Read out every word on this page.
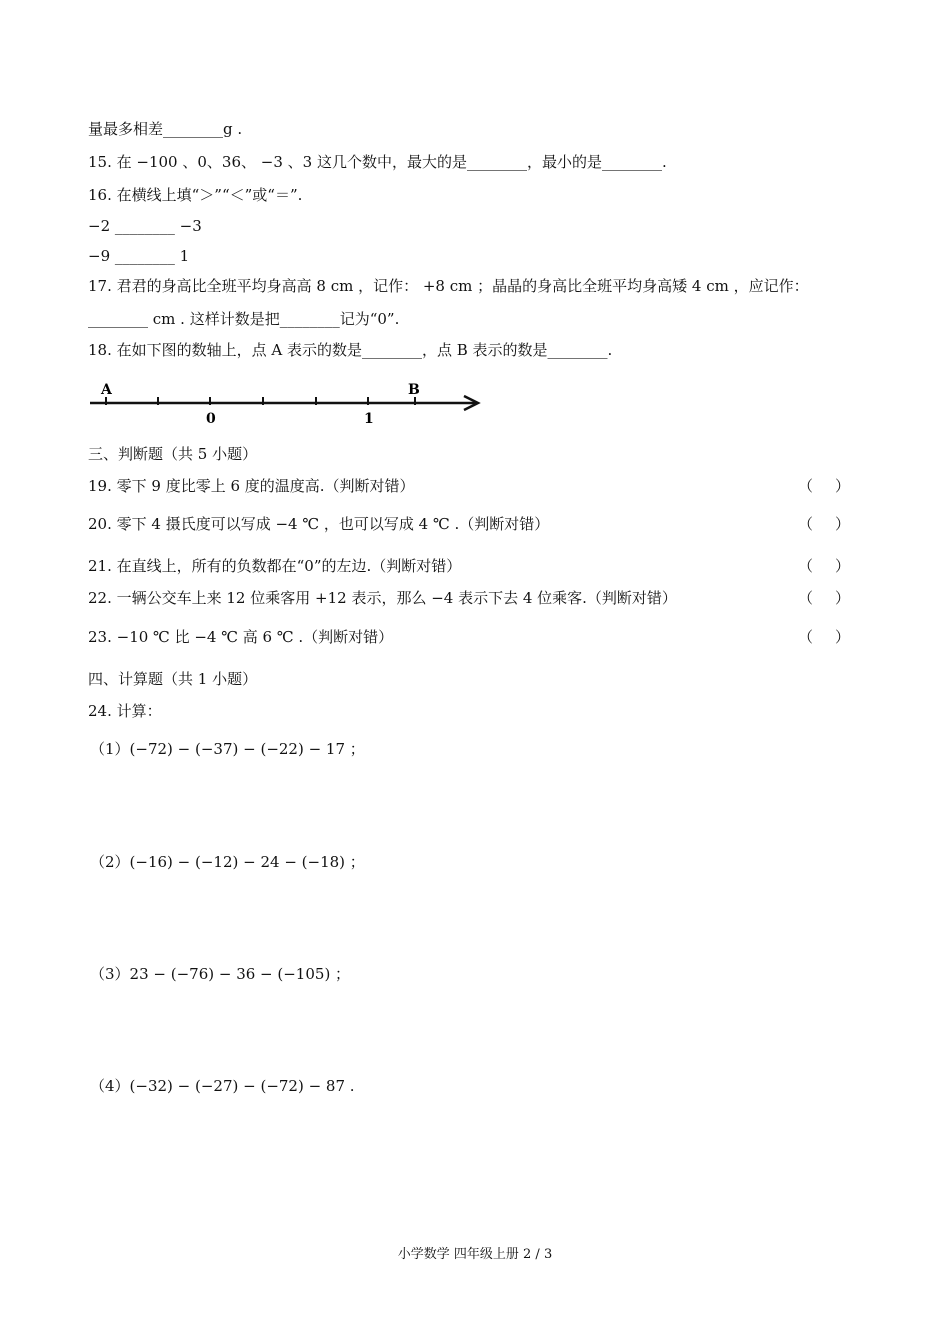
量最多相差________g .
15. 在 −100 、0、36、 −3 、3 这几个数中，最大的是________，最小的是________.
16. 在横线上填“＞”“＜”或“＝”.
−2 ________ −3
−9 ________ 1
17. 君君的身高比全班平均身高高 8 cm ，记作： +8 cm ；晶晶的身高比全班平均身高矮 4 cm ，应记作：
________ cm . 这样计数是把________记为“0”.
18. 在如下图的数轴上，点 A 表示的数是________，点 B 表示的数是________.
A	B
0	1
三、判断题（共 5 小题）
19. 零下 9 度比零上 6 度的温度高.（判断对错）	（ ）
20. 零下 4 摄氏度可以写成 −4 ℃ ，也可以写成 4 ℃ .（判断对错）	（ ）
21. 在直线上，所有的负数都在“0”的左边.（判断对错）	（ ）
22. 一辆公交车上来 12 位乘客用 +12 表示，那么 −4 表示下去 4 位乘客.（判断对错）	（ ）
23. −10 ℃ 比 −4 ℃ 高 6 ℃ .（判断对错）	（ ）
四、计算题（共 1 小题）
24. 计算：
（1）(−72) − (−37) − (−22) − 17 ；
（2）(−16) − (−12) − 24 − (−18) ；
（3）23 − (−76) − 36 − (−105) ；
（4）(−32) − (−27) − (−72) − 87 .
小学数学 四年级上册 2 / 3
